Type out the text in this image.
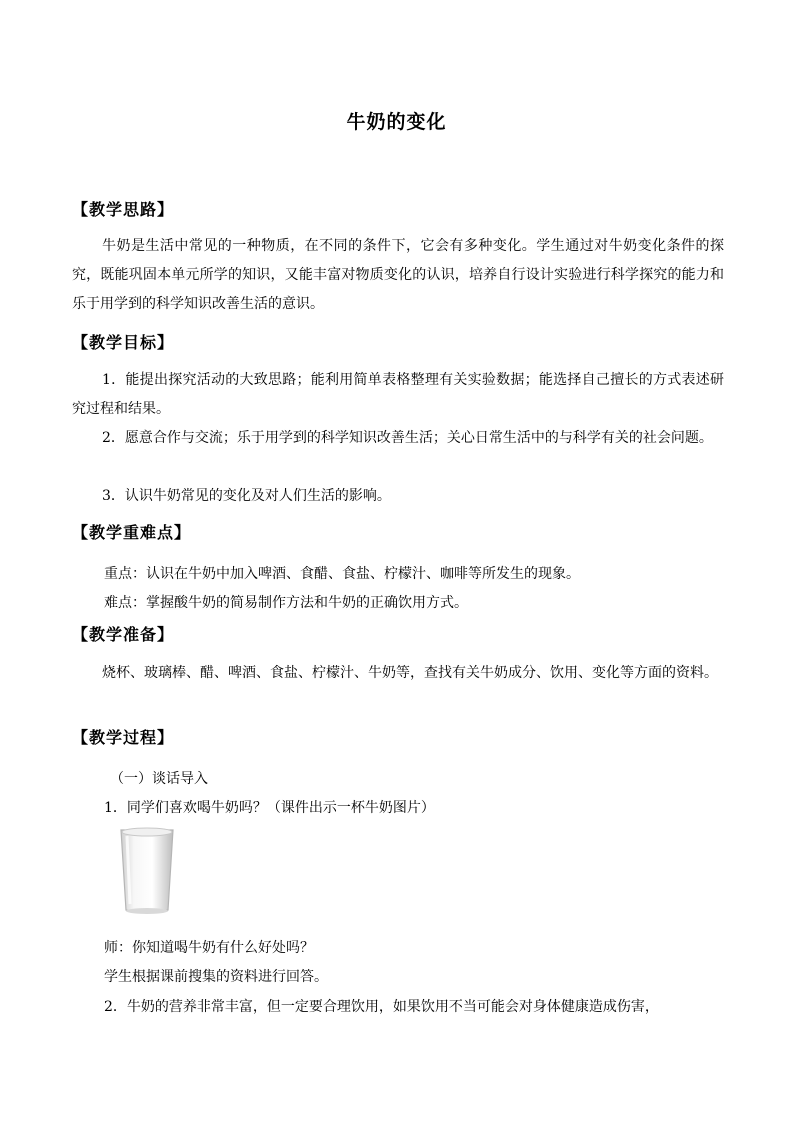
牛奶的变化
【教学思路】
牛奶是生活中常见的一种物质，在不同的条件下，它会有多种变化。学生通过对牛奶变化条件的探究，既能巩固本单元所学的知识，又能丰富对物质变化的认识，培养自行设计实验进行科学探究的能力和乐于用学到的科学知识改善生活的意识。
【教学目标】
1．能提出探究活动的大致思路；能利用简单表格整理有关实验数据；能选择自己擅长的方式表述研究过程和结果。
2．愿意合作与交流；乐于用学到的科学知识改善生活；关心日常生活中的与科学有关的社会问题。
3．认识牛奶常见的变化及对人们生活的影响。
【教学重难点】
重点：认识在牛奶中加入啤酒、食醋、食盐、柠檬汁、咖啡等所发生的现象。
难点：掌握酸牛奶的简易制作方法和牛奶的正确饮用方式。
【教学准备】
烧杯、玻璃棒、醋、啤酒、食盐、柠檬汁、牛奶等，查找有关牛奶成分、饮用、变化等方面的资料。
【教学过程】
（一）谈话导入
1．同学们喜欢喝牛奶吗？（课件出示一杯牛奶图片）
师：你知道喝牛奶有什么好处吗？
学生根据课前搜集的资料进行回答。
2．牛奶的营养非常丰富，但一定要合理饮用，如果饮用不当可能会对身体健康造成伤害，
